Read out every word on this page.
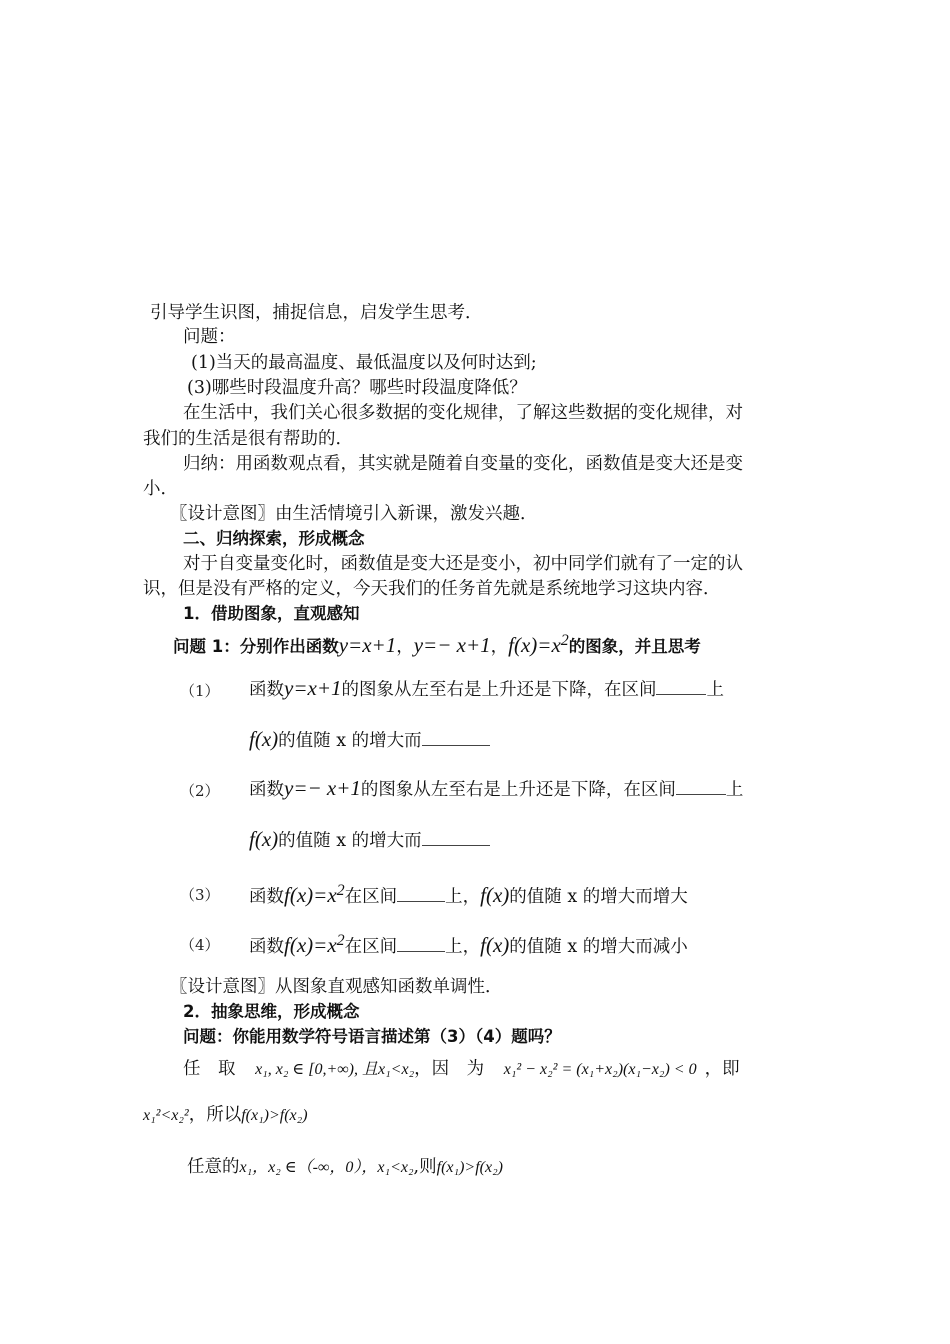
引导学生识图，捕捉信息，启发学生思考．
问题：
(1)当天的最高温度、最低温度以及何时达到;
(3)哪些时段温度升高？哪些时段温度降低？
在生活中，我们关心很多数据的变化规律，了解这些数据的变化规律，对
我们的生活是很有帮助的．
归纳：用函数观点看，其实就是随着自变量的变化，函数值是变大还是变
小．
〖设计意图〗由生活情境引入新课，激发兴趣．
二、归纳探索，形成概念
对于自变量变化时，函数值是变大还是变小，初中同学们就有了一定的认
识，但是没有严格的定义，今天我们的任务首先就是系统地学习这块内容．
1．借助图象，直观感知
问题 1：分别作出函数y=x+1，y=− x+1，$f(x)=x^2$的图象，并且思考
（1） 函数y=x+1的图象从左至右是上升还是下降，在区间	上
f(x)的值随 x 的增大而
（2） 函数y=− x+1的图象从左至右是上升还是下降，在区间	上
f(x)的值随 x 的增大而
（3） 函数$f(x)=x^2$在区间	上，f(x)的值随 x 的增大而增大
（4） 函数$f(x)=x^2$在区间	上，f(x)的值随 x 的增大而减小
〖设计意图〗从图象直观感知函数单调性．
2．抽象思维，形成概念
问题：你能用数学符号语言描述第（3）（4）题吗？
任　取 x₁, x₂ ∈ [0,+∞), 且x₁<x₂，因　为 x₁² − x₂² = (x₁+x₂)(x₁−x₂) < 0 ，即
x₁²<x₂²，所以f(x₁)>f(x₂)
任意的x₁，x₂ ∈（-∞，0），x₁<x₂,则f(x₁)>f(x₂)
